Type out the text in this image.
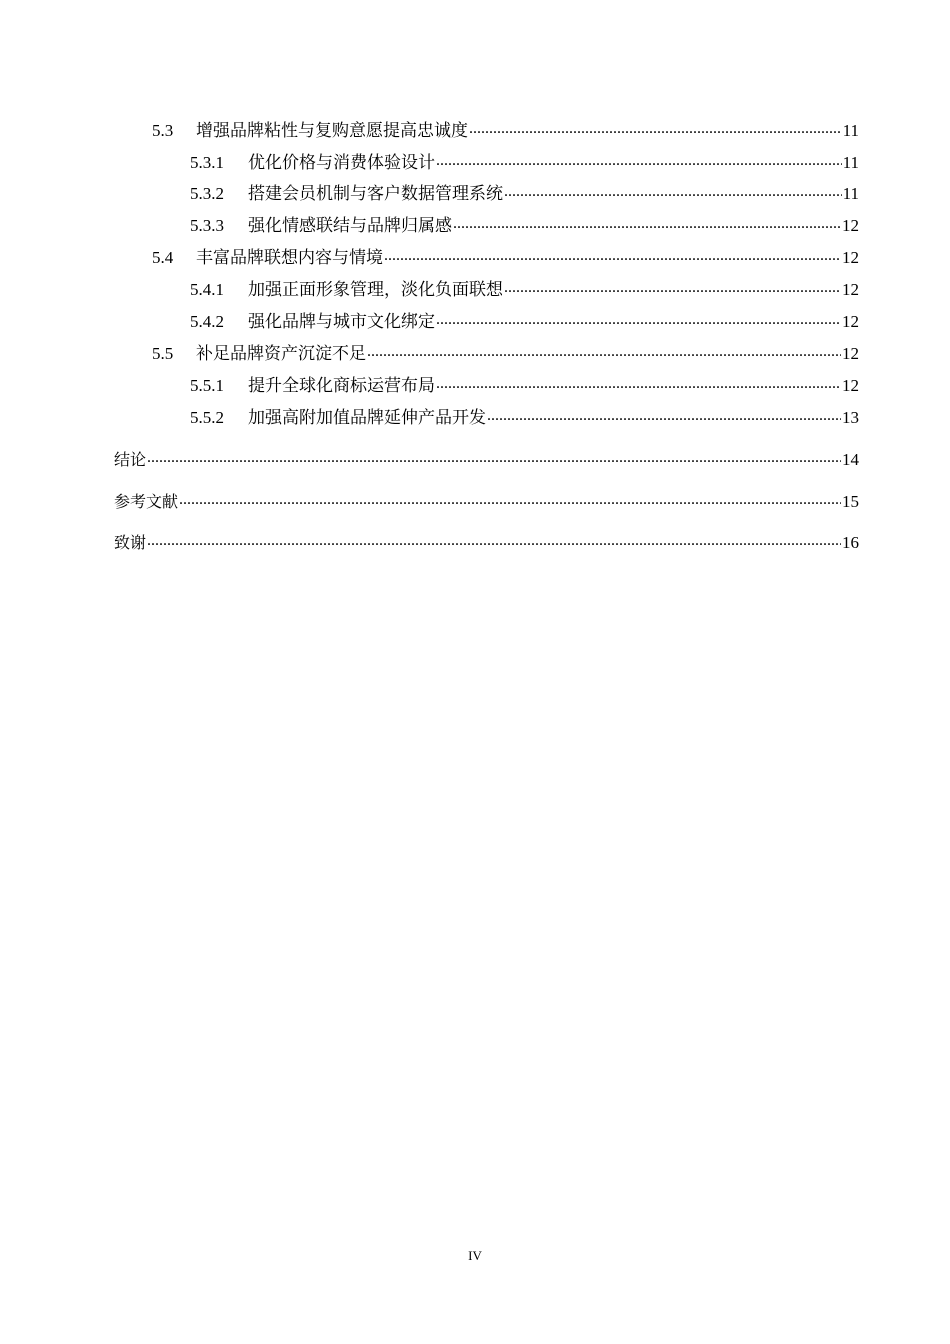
5.3	增强品牌粘性与复购意愿提高忠诚度 .....	11
5.3.1	优化价格与消费体验设计 .....	11
5.3.2	搭建会员机制与客户数据管理系统 .....	11
5.3.3	强化情感联结与品牌归属感 .....	12
5.4	丰富品牌联想内容与情境 .....	12
5.4.1	加强正面形象管理，淡化负面联想 .....	12
5.4.2	强化品牌与城市文化绑定 .....	12
5.5	补足品牌资产沉淀不足 .....	12
5.5.1	提升全球化商标运营布局 .....	12
5.5.2	加强高附加值品牌延伸产品开发 .....	13
结论 .....	14
参考文献 .....	15
致谢 .....	16
IV
